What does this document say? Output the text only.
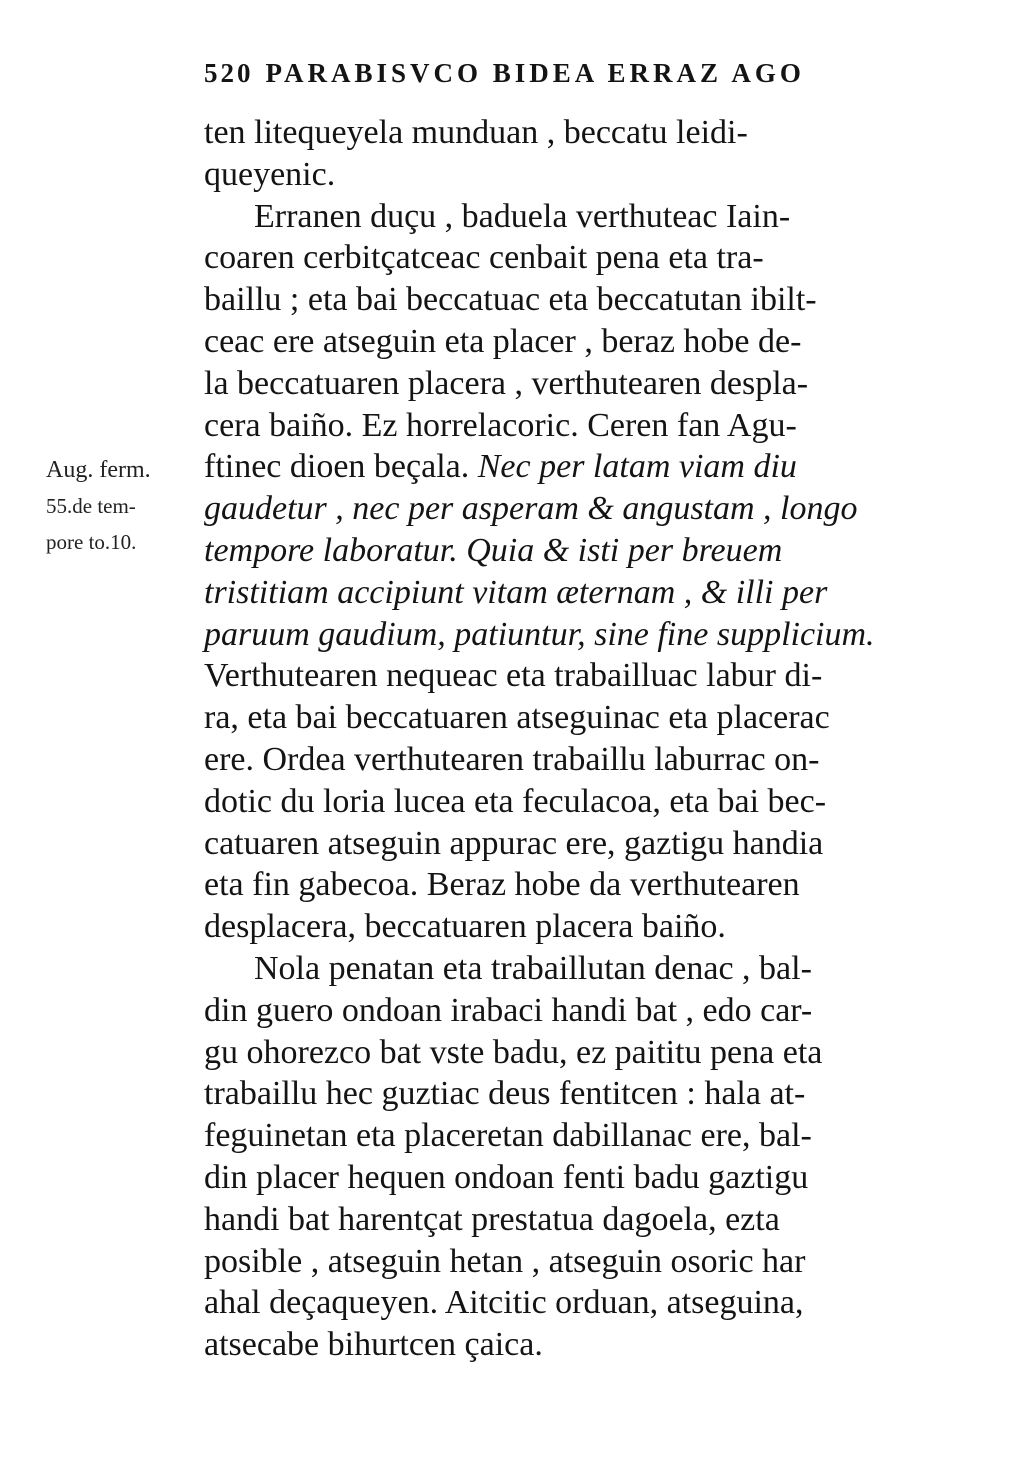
520 PARABISVCO BIDEA ERRAZ AGO
Aug. ferm.
55.de tem-
pore to.10.
ten litequeyela munduan , beccatu leidi-
queyenic.
Erranen duçu , baduela verthuteac Iain-
coaren cerbitçatceac cenbait pena eta tra-
baillu ; eta bai beccatuac eta beccatutan ibilt-
ceac ere atseguin eta placer , beraz hobe de-
la beccatuaren placera , verthutearen desplа-
cera baiño. Ez horrelacoric. Ceren fan Agu-
ftinec dioen beçala. Nec per latam viam diu
gaudetur , nec per asperam & angustam , longo
tempore laboratur. Quia & isti per breuem
tristitiam accipiunt vitam æternam , & illi per
paruum gaudium, patiuntur, sine fine supplicium.
Verthutearen nequeac eta trabailluac labur di-
ra, eta bai beccatuaren atseguinac eta placerac
ere. Ordea verthutearen trabaillu laburrac on-
dotic du loria lucea eta feculacoa, eta bai bec-
catuaren atseguin appurac ere, gaztigu handia
eta fin gabecoa. Beraz hobe da verthutearen
desplacera, beccatuaren placera baiño.
Nola penatan eta trabaillutan denac , bal-
din guero ondoan irabaci handi bat , edo car-
gu ohorezco bat vste badu, ez paititu pena eta
trabaillu hec guztiac deus fentitcen : hala at-
feguinetan eta placeretan dabillanac ere, bal-
din placer hequen ondoan fenti badu gaztigu
handi bat harentçat prestatua dagoela, ezta
posible , atseguin hetan , atseguin osoric har
ahal deçaqueyen. Aitcitic orduan, atseguina,
atsecabe bihurtcen çaica.
